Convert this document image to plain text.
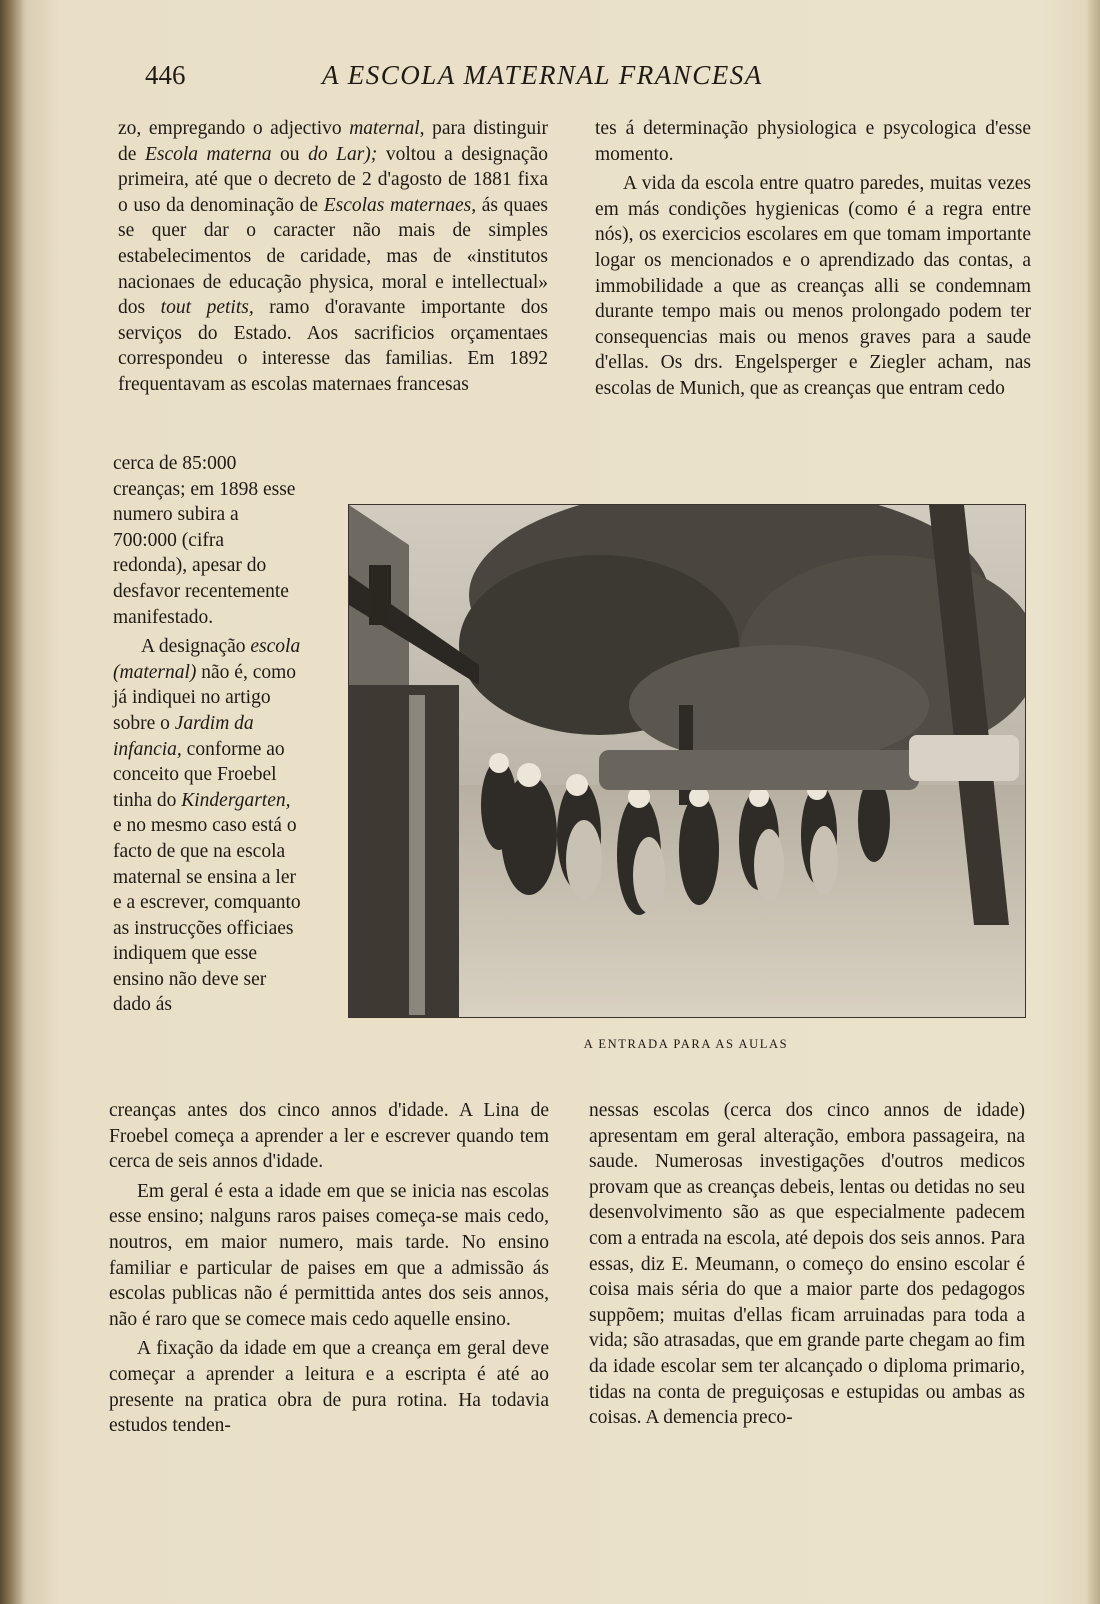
446	A ESCOLA MATERNAL FRANCESA

zo, empregando o adjectivo maternal, para distinguir de Escola materna ou do Lar); voltou a designação primeira, até que o decreto de 2 d'agosto de 1881 fixa o uso da denominação de Escolas maternaes, ás quaes se quer dar o caracter não mais de simples estabelecimentos de caridade, mas de «institutos nacionaes de educação physica, moral e intellectual» dos tout petits, ramo d'oravante importante dos serviços do Estado. Aos sacrificios orçamentaes correspondeu o interesse das familias. Em 1892 frequentavam as escolas maternaes francesas

cerca de 85:000 creanças; em 1898 esse numero subira a 700:000 (cifra redonda), apesar do desfavor recentemente manifestado.

A designação escola (maternal) não é, como já indiquei no artigo sobre o Jardim da infancia, conforme ao conceito que Froebel tinha do Kindergarten, e no mesmo caso está o facto de que na escola maternal se ensina a ler e a escrever, comquanto as instrucções officiaes indiquem que esse ensino não deve ser dado ás

creanças antes dos cinco annos d'idade. A Lina de Froebel começa a aprender a ler e escrever quando tem cerca de seis annos d'idade.

Em geral é esta a idade em que se inicia nas escolas esse ensino; nalguns raros paises começa-se mais cedo, noutros, em maior numero, mais tarde. No ensino familiar e particular de paises em que a admissão ás escolas publicas não é permittida antes dos seis annos, não é raro que se comece mais cedo aquelle ensino.

A fixação da idade em que a creança em geral deve começar a aprender a leitura e a escripta é até ao presente na pratica obra de pura rotina. Ha todavia estudos tenden-

tes á determinação physiologica e psycologica d'esse momento.

A vida da escola entre quatro paredes, muitas vezes em más condições hygienicas (como é a regra entre nós), os exercicios escolares em que tomam importante logar os mencionados e o aprendizado das contas, a immobilidade a que as creanças alli se condemnam durante tempo mais ou menos prolongado podem ter consequencias mais ou menos graves para a saude d'ellas. Os drs. Engelsperger e Ziegler acham, nas escolas de Munich, que as creanças que entram cedo

nessas escolas (cerca dos cinco annos de idade) apresentam em geral alteração, embora passageira, na saude. Numerosas investigações d'outros medicos provam que as creanças debeis, lentas ou detidas no seu desenvolvimento são as que especialmente padecem com a entrada na escola, até depois dos seis annos. Para essas, diz E. Meumann, o começo do ensino escolar é coisa mais séria do que a maior parte dos pedagogos suppõem; muitas d'ellas ficam arruinadas para toda a vida; são atrasadas, que em grande parte chegam ao fim da idade escolar sem ter alcançado o diploma primario, tidas na conta de preguiçosas e estupidas ou ambas as coisas. A demencia preco-

A ENTRADA PARA AS AULAS
